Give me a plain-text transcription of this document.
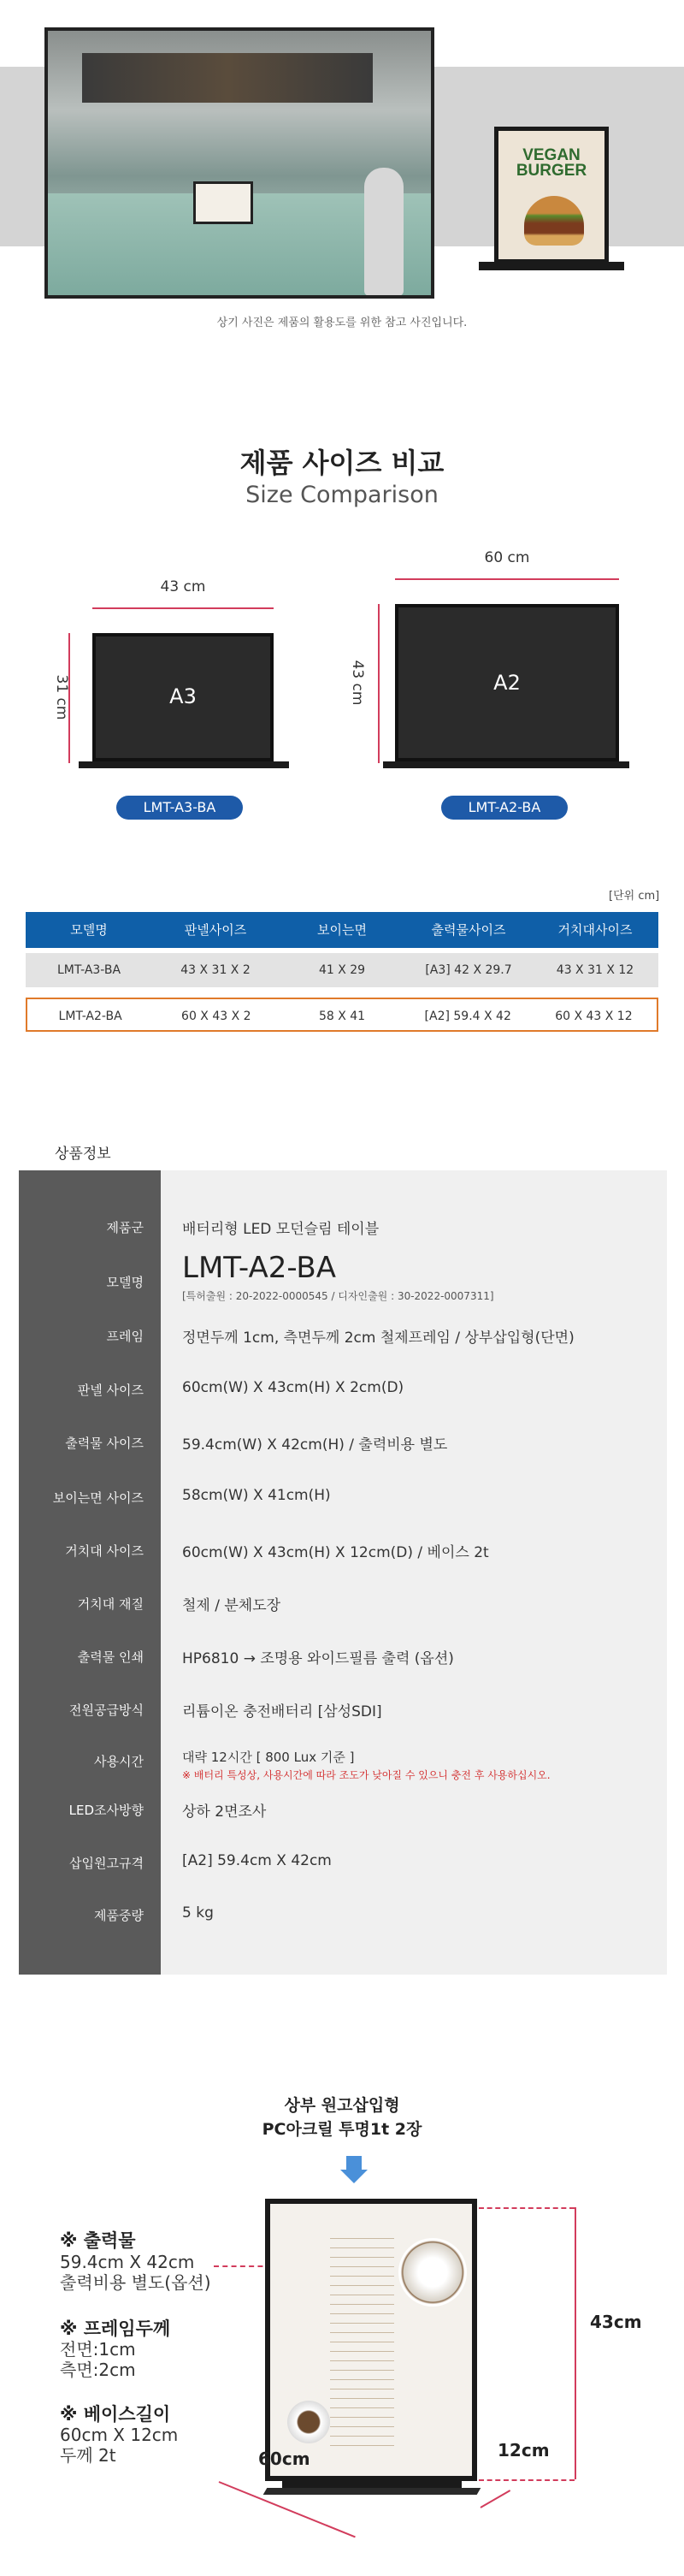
VEGAN BURGER
상기 사진은 제품의 활용도를 위한 참고 사진입니다.
제품 사이즈 비교
Size Comparison
43 cm
31 cm	A3
LMT-A3-BA
60 cm
43 cm	A2
LMT-A2-BA
[단위 cm]
모델명	판넬사이즈	보이는면	출력물사이즈	거치대사이즈
LMT-A3-BA	43 X 31 X 2	41 X 29	[A3] 42 X 29.7	43 X 31 X 12
LMT-A2-BA	60 X 43 X 2	58 X 41	[A2] 59.4 X 42	60 X 43 X 12
상품정보
제품군	배터리형 LED 모던슬림 테이블
모델명 LMT-A2-BA
[특허출원 : 20-2022-0000545 / 디자인출원 : 30-2022-0007311]
프레임	정면두께 1cm, 측면두께 2cm 철제프레임 / 상부삽입형(단면)
판넬 사이즈	60cm(W) X 43cm(H) X 2cm(D)
출력물 사이즈	59.4cm(W) X 42cm(H) / 출력비용 별도
보이는면 사이즈	58cm(W) X 41cm(H)
거치대 사이즈	60cm(W) X 43cm(H) X 12cm(D) / 베이스 2t
거치대 재질	철제 / 분체도장
출력물 인쇄	HP6810 → 조명용 와이드필름 출력 (옵션)
전원공급방식	리튬이온 충전배터리 [삼성SDI]
사용시간	대략 12시간 [ 800 Lux 기준 ]
※ 배터리 특성상, 사용시간에 따라 조도가 낮아질 수 있으니 충전 후 사용하십시오.
LED조사방향	상하 2면조사
삽입원고규격	[A2] 59.4cm X 42cm
제품중량	5 kg
상부 원고삽입형
PC아크릴 투명1t 2장
※ 출력물
59.4cm X 42cm
출력비용 별도(옵션)
※ 프레임두께
전면:1cm
측면:2cm
※ 베이스길이
60cm X 12cm
두께 2t
43cm
60cm	12cm
